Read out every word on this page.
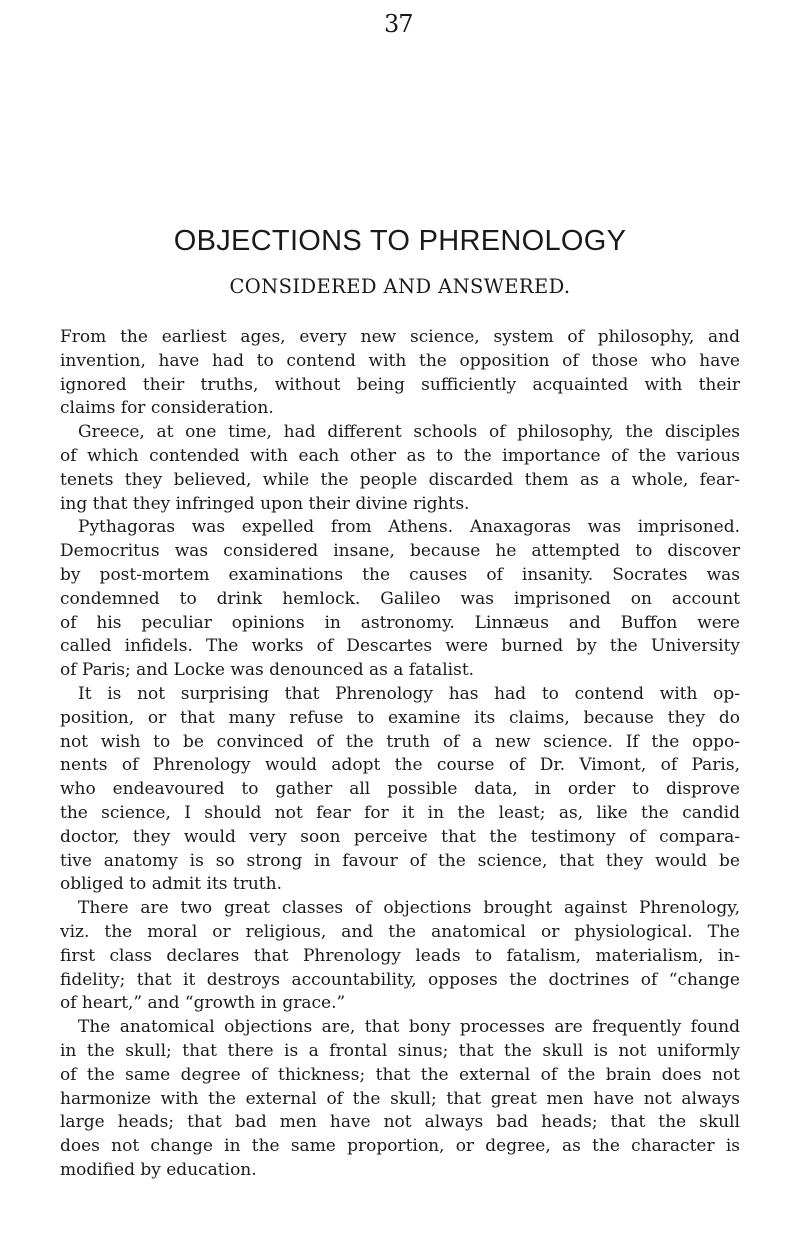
37
OBJECTIONS TO PHRENOLOGY
CONSIDERED AND ANSWERED.
From the earliest ages, every new science, system of philosophy, and
invention, have had to contend with the opposition of those who have
ignored their truths, without being sufficiently acquainted with their
claims for consideration.
Greece, at one time, had different schools of philosophy, the disciples
of which contended with each other as to the importance of the various
tenets they believed, while the people discarded them as a whole, fear-
ing that they infringed upon their divine rights.
Pythagoras was expelled from Athens. Anaxagoras was imprisoned.
Democritus was considered insane, because he attempted to discover
by post-mortem examinations the causes of insanity. Socrates was
condemned to drink hemlock. Galileo was imprisoned on account
of his peculiar opinions in astronomy. Linnæus and Buffon were
called infidels. The works of Descartes were burned by the University
of Paris; and Locke was denounced as a fatalist.
It is not surprising that Phrenology has had to contend with op-
position, or that many refuse to examine its claims, because they do
not wish to be convinced of the truth of a new science. If the oppo-
nents of Phrenology would adopt the course of Dr. Vimont, of Paris,
who endeavoured to gather all possible data, in order to disprove
the science, I should not fear for it in the least; as, like the candid
doctor, they would very soon perceive that the testimony of compara-
tive anatomy is so strong in favour of the science, that they would be
obliged to admit its truth.
There are two great classes of objections brought against Phrenology,
viz. the moral or religious, and the anatomical or physiological. The
first class declares that Phrenology leads to fatalism, materialism, in-
fidelity; that it destroys accountability, opposes the doctrines of “change
of heart,” and “growth in grace.”
The anatomical objections are, that bony processes are frequently found
in the skull; that there is a frontal sinus; that the skull is not uniformly
of the same degree of thickness; that the external of the brain does not
harmonize with the external of the skull; that great men have not always
large heads; that bad men have not always bad heads; that the skull
does not change in the same proportion, or degree, as the character is
modified by education.
